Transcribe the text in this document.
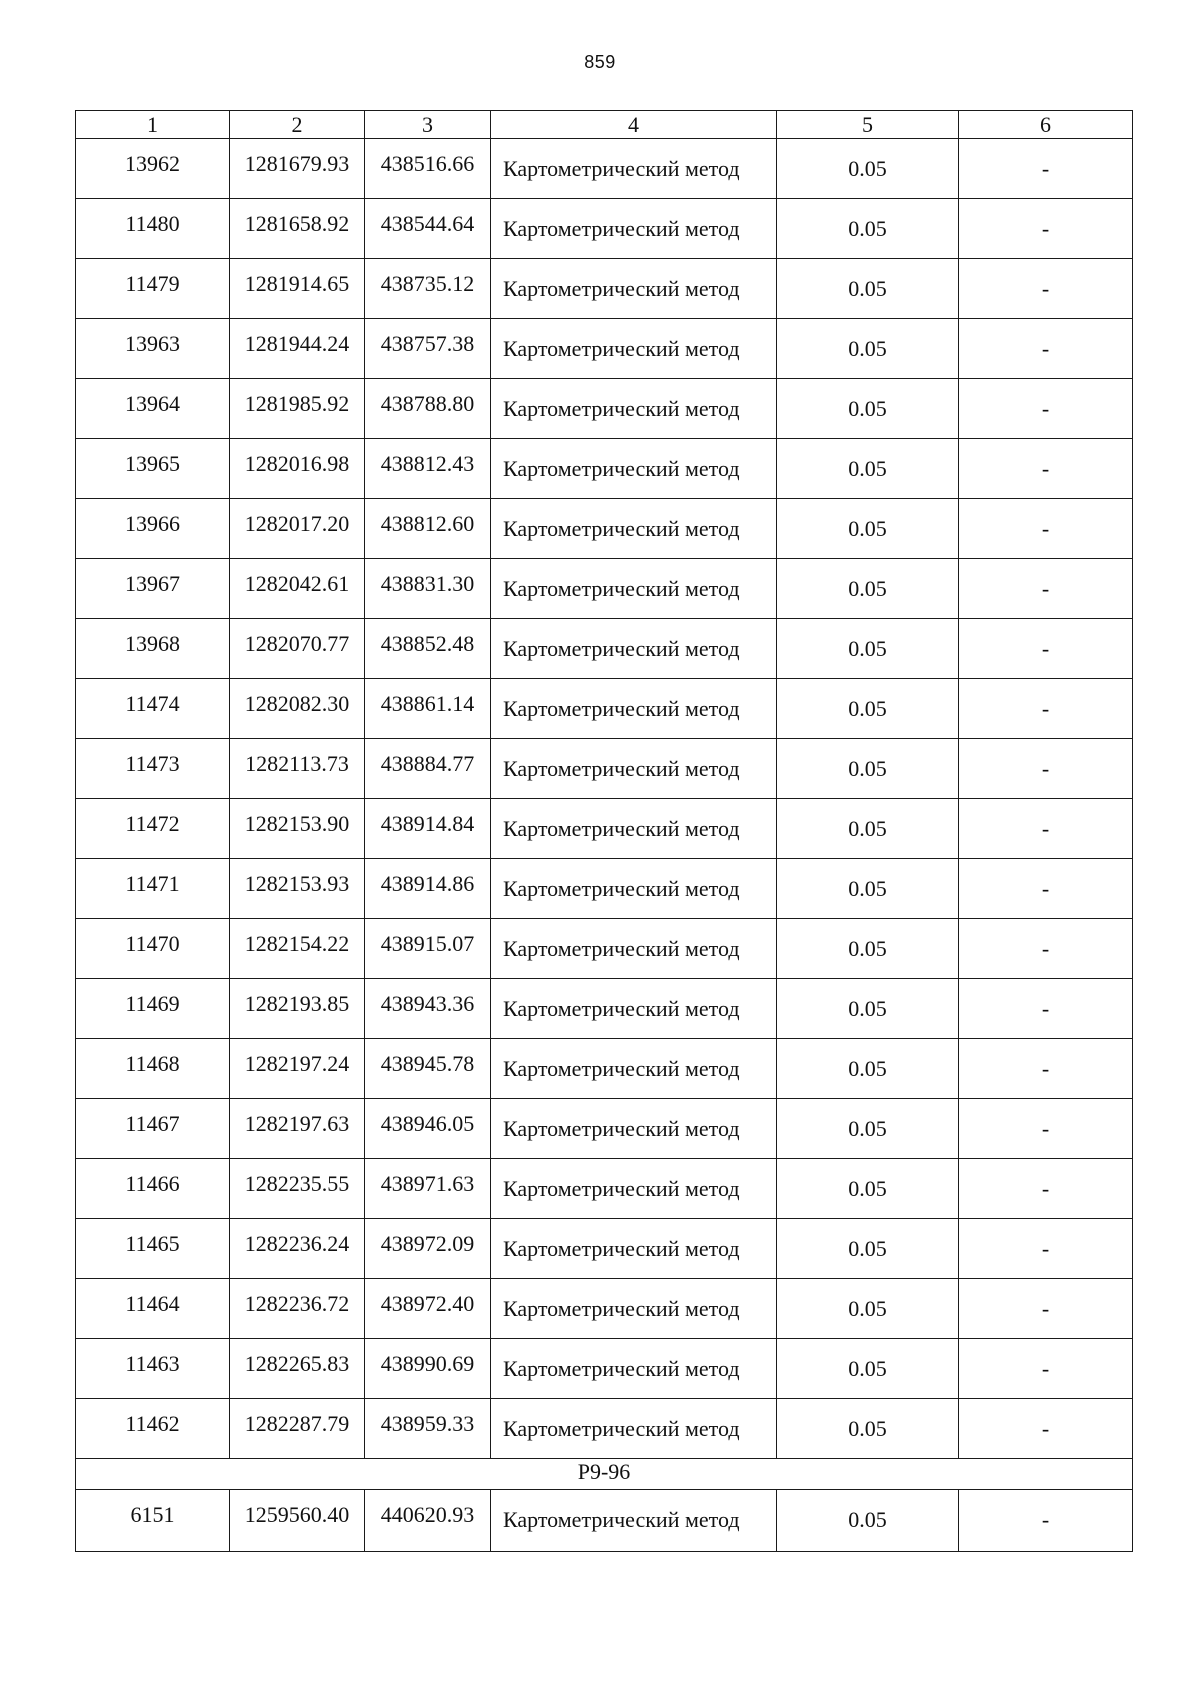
859
1	2	3	4	5	6
13962	1281679.93	438516.66	Картометрический метод	0.05	-
11480	1281658.92	438544.64	Картометрический метод	0.05	-
11479	1281914.65	438735.12	Картометрический метод	0.05	-
13963	1281944.24	438757.38	Картометрический метод	0.05	-
13964	1281985.92	438788.80	Картометрический метод	0.05	-
13965	1282016.98	438812.43	Картометрический метод	0.05	-
13966	1282017.20	438812.60	Картометрический метод	0.05	-
13967	1282042.61	438831.30	Картометрический метод	0.05	-
13968	1282070.77	438852.48	Картометрический метод	0.05	-
11474	1282082.30	438861.14	Картометрический метод	0.05	-
11473	1282113.73	438884.77	Картометрический метод	0.05	-
11472	1282153.90	438914.84	Картометрический метод	0.05	-
11471	1282153.93	438914.86	Картометрический метод	0.05	-
11470	1282154.22	438915.07	Картометрический метод	0.05	-
11469	1282193.85	438943.36	Картометрический метод	0.05	-
11468	1282197.24	438945.78	Картометрический метод	0.05	-
11467	1282197.63	438946.05	Картометрический метод	0.05	-
11466	1282235.55	438971.63	Картометрический метод	0.05	-
11465	1282236.24	438972.09	Картометрический метод	0.05	-
11464	1282236.72	438972.40	Картометрический метод	0.05	-
11463	1282265.83	438990.69	Картометрический метод	0.05	-
11462	1282287.79	438959.33	Картометрический метод	0.05	-
Р9-96					
6151	1259560.40	440620.93	Картометрический метод	0.05	-
